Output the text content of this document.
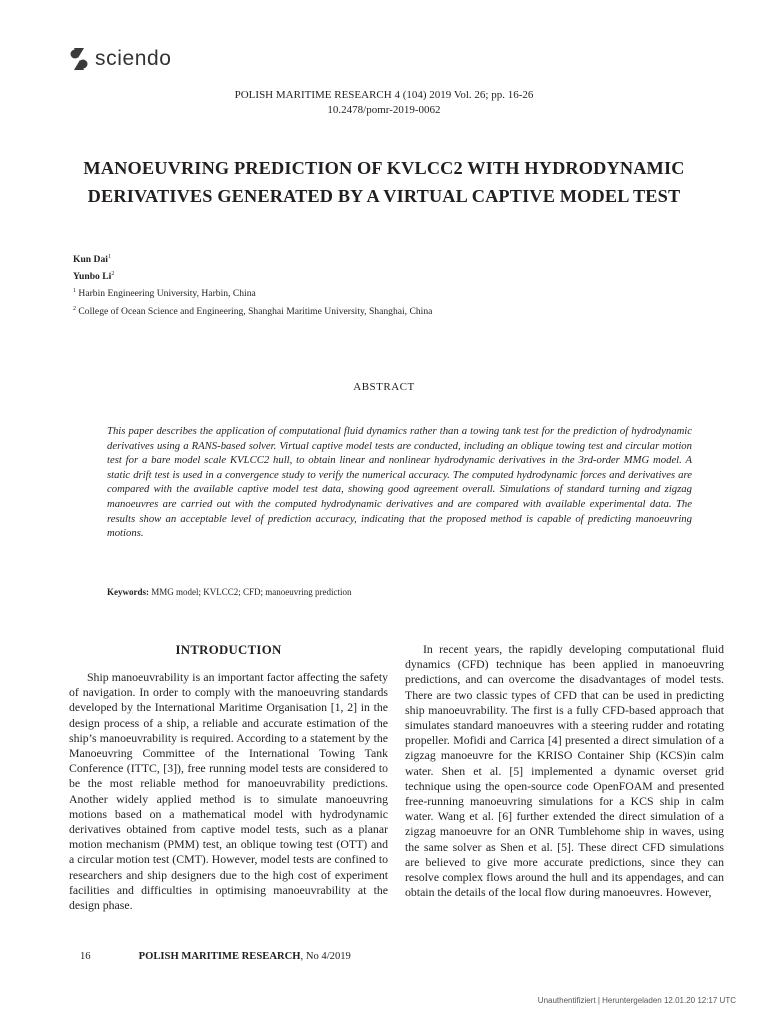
sciendo
POLISH MARITIME RESEARCH 4 (104) 2019 Vol. 26; pp. 16-26
10.2478/pomr-2019-0062
MANOEUVRING PREDICTION OF KVLCC2 WITH HYDRODYNAMIC DERIVATIVES GENERATED BY A VIRTUAL CAPTIVE MODEL TEST
Kun Dai$^1$
Yunbo Li$^2$
$^1$ Harbin Engineering University, Harbin, China
$^2$ College of Ocean Science and Engineering, Shanghai Maritime University, Shanghai, China
ABSTRACT

This paper describes the application of computational fluid dynamics rather than a towing tank test for the prediction of hydrodynamic derivatives using a RANS-based solver. Virtual captive model tests are conducted, including an oblique towing test and circular motion test for a bare model scale KVLCC2 hull, to obtain linear and nonlinear hydrodynamic derivatives in the 3rd-order MMG model. A static drift test is used in a convergence study to verify the numerical accuracy. The computed hydrodynamic forces and derivatives are compared with the available captive model test data, showing good agreement overall. Simulations of standard turning and zigzag manoeuvres are carried out with the computed hydrodynamic derivatives and are compared with available experimental data. The results show an acceptable level of prediction accuracy, indicating that the proposed method is capable of predicting manoeuvring motions.

Keywords: MMG model; KVLCC2; CFD; manoeuvring prediction
INTRODUCTION

Ship manoeuvrability is an important factor affecting the safety of navigation. In order to comply with the manoeuvring standards developed by the International Maritime Organisation [1, 2] in the design process of a ship, a reliable and accurate estimation of the ship’s manoeuvrability is required. According to a statement by the Manoeuvring Committee of the International Towing Tank Conference (ITTC, [3]), free running model tests are considered to be the most reliable method for manoeuvrability predictions. Another widely applied method is to simulate manoeuvring motions based on a mathematical model with hydrodynamic derivatives obtained from captive model tests, such as a planar motion mechanism (PMM) test, an oblique towing test (OTT) and a circular motion test (CMT). However, model tests are confined to researchers and ship designers due to the high cost of experiment facilities and difficulties in optimising manoeuvrability at the design phase.

In recent years, the rapidly developing computational fluid dynamics (CFD) technique has been applied in manoeuvring predictions, and can overcome the disadvantages of model tests. There are two classic types of CFD that can be used in predicting ship manoeuvrability. The first is a fully CFD-based approach that simulates standard manoeuvres with a steering rudder and rotating propeller. Mofidi and Carrica [4] presented a direct simulation of a zigzag manoeuvre for the KRISO Container Ship (KCS)in calm water. Shen et al. [5] implemented a dynamic overset grid technique using the open-source code OpenFOAM and presented free-running manoeuvring simulations for a KCS ship in calm water. Wang et al. [6] further extended the direct simulation of a zigzag manoeuvre for an ONR Tumblehome ship in waves, using the same solver as Shen et al. [5]. These direct CFD simulations are believed to give more accurate predictions, since they can resolve complex flows around the hull and its appendages, and can obtain the details of the local flow during manoeuvres. However,

16	POLISH MARITIME RESEARCH, No 4/2019
Unauthentifiziert | Heruntergeladen 12.01.20 12:17 UTC
